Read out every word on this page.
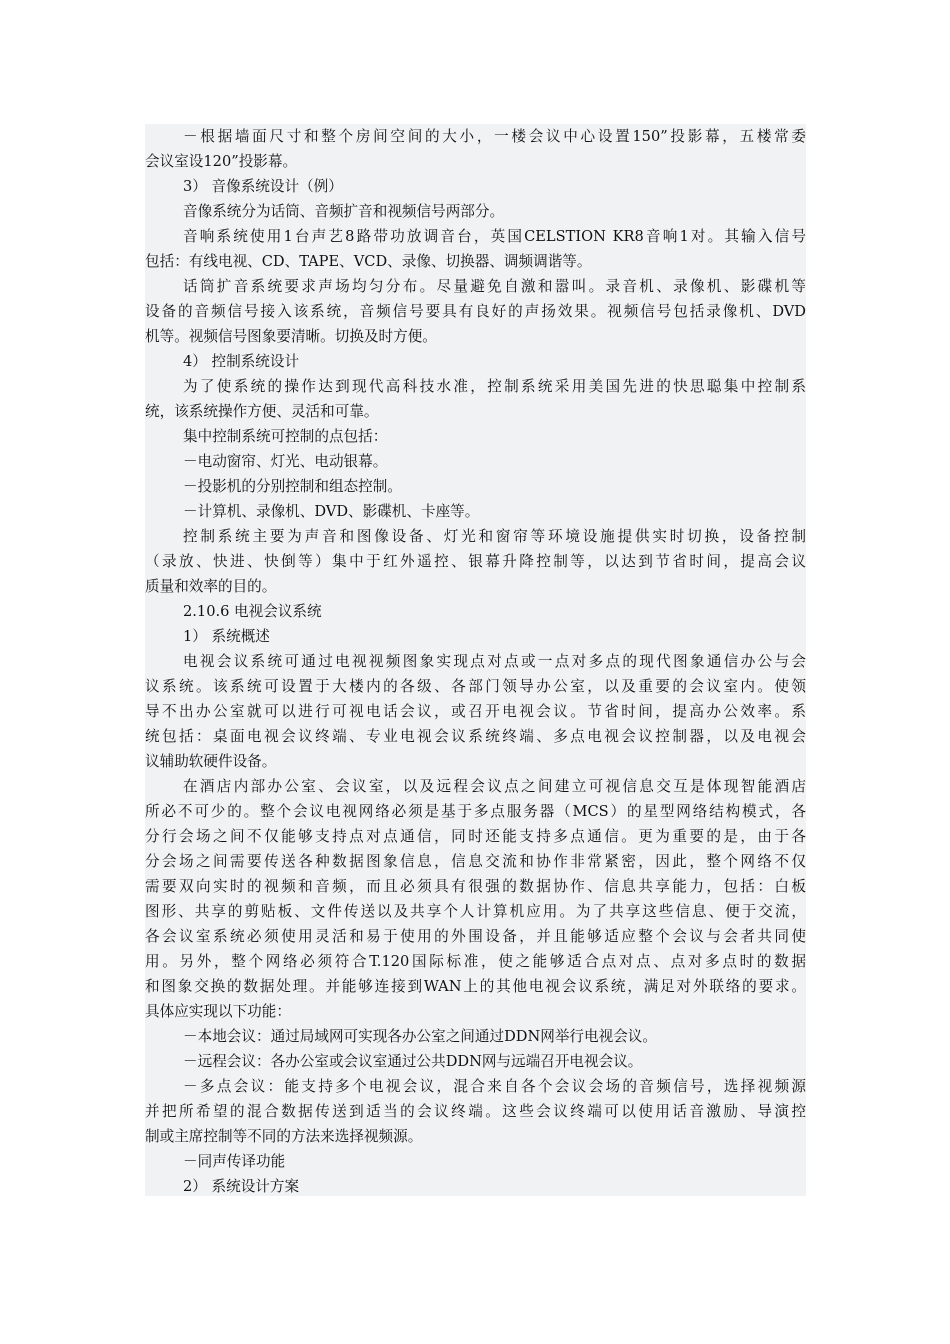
－根据墙面尺寸和整个房间空间的大小，一楼会议中心设置150”投影幕，五楼常委
会议室设120”投影幕。
3） 音像系统设计（例）
音像系统分为话筒、音频扩音和视频信号两部分。
音响系统使用1台声艺8路带功放调音台，英国CELSTION KR8音响1对。其输入信号
包括：有线电视、CD、TAPE、VCD、录像、切换器、调频调谐等。
话筒扩音系统要求声场均匀分布。尽量避免自激和嚣叫。录音机、录像机、影碟机等
设备的音频信号接入该系统，音频信号要具有良好的声扬效果。视频信号包括录像机、DVD
机等。视频信号图象要清晰。切换及时方便。
4） 控制系统设计
为了使系统的操作达到现代高科技水准，控制系统采用美国先进的快思聪集中控制系
统，该系统操作方便、灵活和可靠。
集中控制系统可控制的点包括：
－电动窗帘、灯光、电动银幕。
－投影机的分别控制和组态控制。
－计算机、录像机、DVD、影碟机、卡座等。
控制系统主要为声音和图像设备、灯光和窗帘等环境设施提供实时切换，设备控制
（录放、快进、快倒等）集中于红外遥控、银幕升降控制等，以达到节省时间，提高会议
质量和效率的目的。
2.10.6 电视会议系统
1） 系统概述
电视会议系统可通过电视视频图象实现点对点或一点对多点的现代图象通信办公与会
议系统。该系统可设置于大楼内的各级、各部门领导办公室，以及重要的会议室内。使领
导不出办公室就可以进行可视电话会议，或召开电视会议。节省时间，提高办公效率。系
统包括：桌面电视会议终端、专业电视会议系统终端、多点电视会议控制器，以及电视会
议辅助软硬件设备。
在酒店内部办公室、会议室，以及远程会议点之间建立可视信息交互是体现智能酒店
所必不可少的。整个会议电视网络必须是基于多点服务器（MCS）的星型网络结构模式，各
分行会场之间不仅能够支持点对点通信，同时还能支持多点通信。更为重要的是，由于各
分会场之间需要传送各种数据图象信息，信息交流和协作非常紧密，因此，整个网络不仅
需要双向实时的视频和音频，而且必须具有很强的数据协作、信息共享能力，包括：白板
图形、共享的剪贴板、文件传送以及共享个人计算机应用。为了共享这些信息、便于交流，
各会议室系统必须使用灵活和易于使用的外围设备，并且能够适应整个会议与会者共同使
用。另外，整个网络必须符合T.120国际标准，使之能够适合点对点、点对多点时的数据
和图象交换的数据处理。并能够连接到WAN上的其他电视会议系统，满足对外联络的要求。
具体应实现以下功能：
－本地会议：通过局域网可实现各办公室之间通过DDN网举行电视会议。
－远程会议：各办公室或会议室通过公共DDN网与远端召开电视会议。
－多点会议：能支持多个电视会议，混合来自各个会议会场的音频信号，选择视频源
并把所希望的混合数据传送到适当的会议终端。这些会议终端可以使用话音激励、导演控
制或主席控制等不同的方法来选择视频源。
－同声传译功能
2） 系统设计方案
